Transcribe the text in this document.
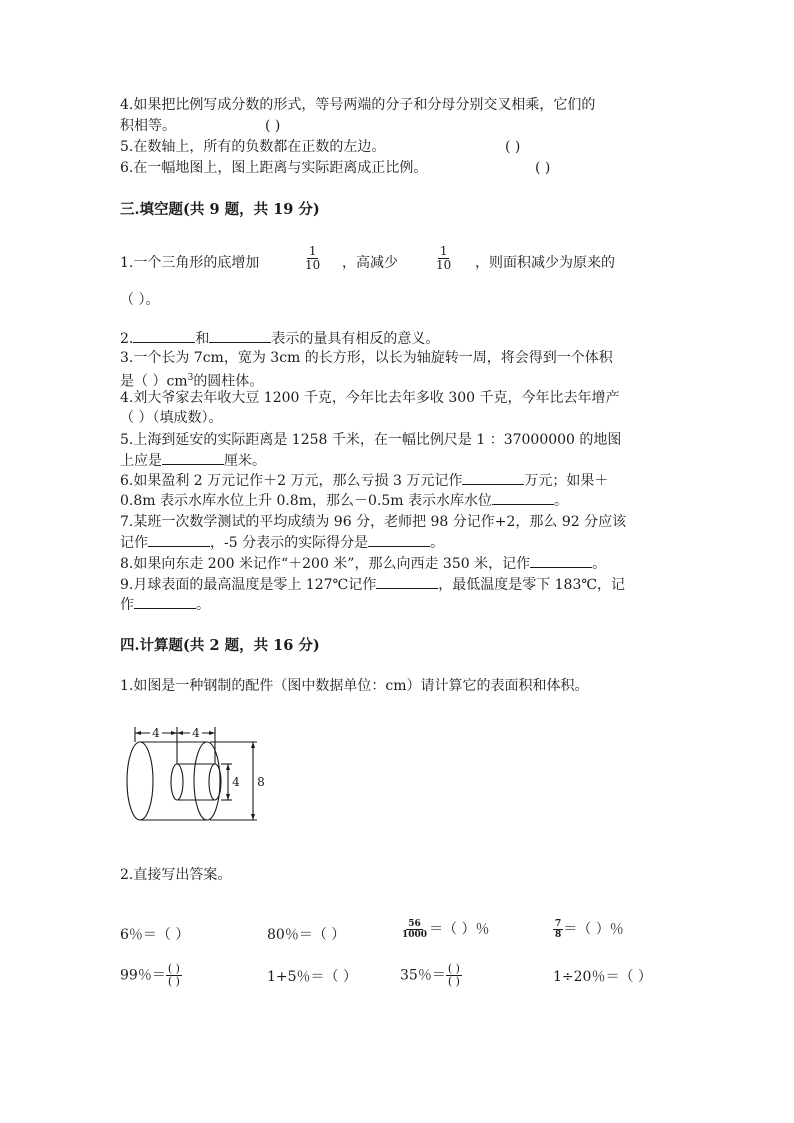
4.如果把比例写成分数的形式，等号两端的分子和分母分别交叉相乘，它们的
积相等。	( )
5.在数轴上，所有的负数都在正数的左边。	( )
6.在一幅地图上，图上距离与实际距离成正比例。	( )
三.填空题(共 9 题，共 19 分)
1.一个三角形的底增加	$\frac{1}{10}$ ，高减少	$\frac{1}{10}$ ，则面积减少为原来的
（ ）。
2.	和	表示的量具有相反的意义。
3.一个长为 7cm，宽为 3cm 的长方形，以长为轴旋转一周，将会得到一个体积
是（ ）$cm^3$的圆柱体。
4.刘大爷家去年收大豆 1200 千克，今年比去年多收 300 千克，今年比去年增产
（ ）（填成数）。
5.上海到延安的实际距离是 1258 千米，在一幅比例尺是 1 ：37000000 的地图
上应是	厘米。
6.如果盈利 2 万元记作＋2 万元，那么亏损 3 万元记作	万元；如果＋
0.8m 表示水库水位上升 0.8m，那么－0.5m 表示水库水位	。
7.某班一次数学测试的平均成绩为 96 分，老师把 98 分记作+2，那么 92 分应该
记作	，-5 分表示的实际得分是	。
8.如果向东走 200 米记作“＋200 米”，那么向西走 350 米，记作	。
9.月球表面的最高温度是零上 127℃记作	，最低温度是零下 183℃，记
作	。
四.计算题(共 2 题，共 16 分)
1.如图是一种钢制的配件（图中数据单位：cm）请计算它的表面积和体积。
4	4
4 8
2.直接写出答案。
6％＝（ ）	80％＝（ ）	$\frac{56}{1000}$ ＝（ ）％	$\frac{7}{8}$ ＝（ ）％
99％＝ $\frac{( )}{( )}$	1+5％＝（ ）	35％＝ $\frac{( )}{( )}$	1÷20％＝（ ）
